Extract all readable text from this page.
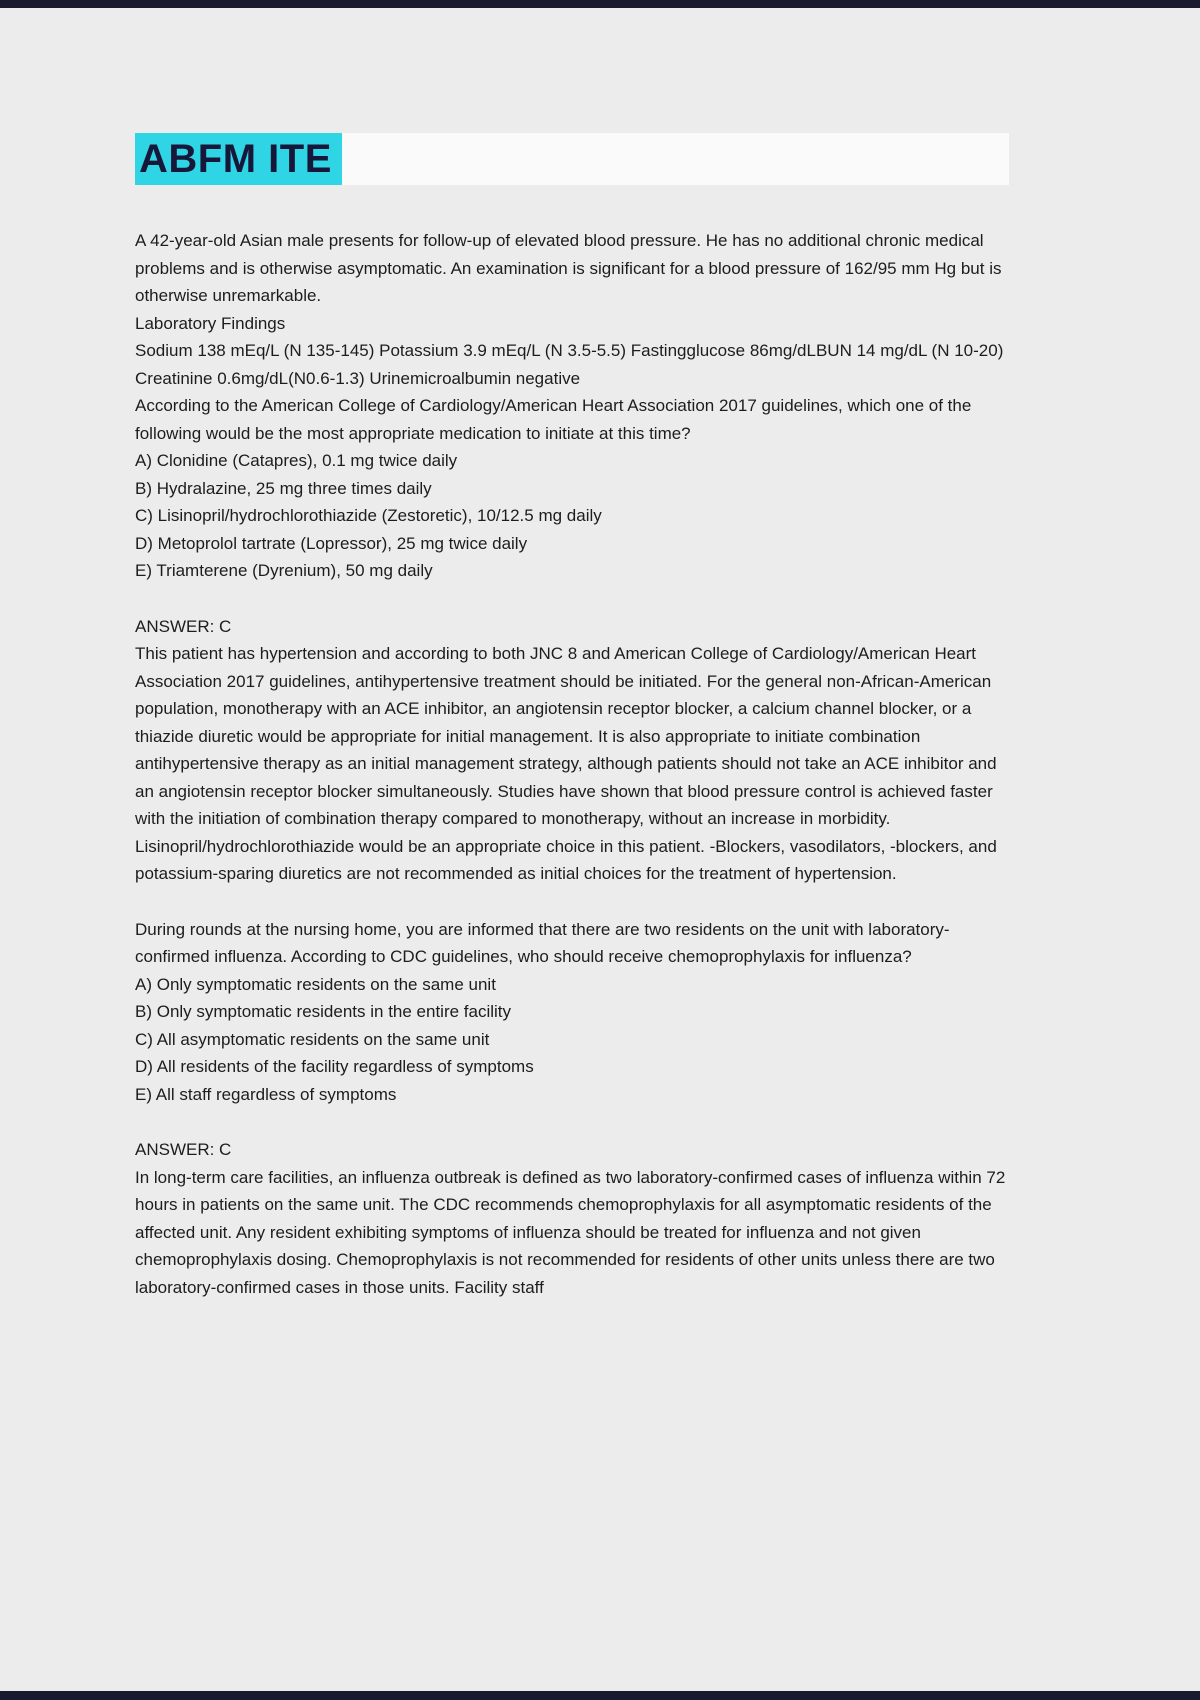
ABFM ITE

A 42-year-old Asian male presents for follow-up of elevated blood pressure. He has no additional chronic medical problems and is otherwise asymptomatic. An examination is significant for a blood pressure of 162/95 mm Hg but is otherwise unremarkable.

Laboratory Findings

Sodium 138 mEq/L (N 135-145) Potassium 3.9 mEq/L (N 3.5-5.5) Fastingglucose 86mg/dLBUN 14 mg/dL (N 10-20) Creatinine 0.6mg/dL(N0.6-1.3) Urinemicroalbumin negative

According to the American College of Cardiology/American Heart Association 2017 guidelines, which one of the following would be the most appropriate medication to initiate at this time?

A) Clonidine (Catapres), 0.1 mg twice daily

B) Hydralazine, 25 mg three times daily

C) Lisinopril/hydrochlorothiazide (Zestoretic), 10/12.5 mg daily

D) Metoprolol tartrate (Lopressor), 25 mg twice daily

E) Triamterene (Dyrenium), 50 mg daily

ANSWER: C

This patient has hypertension and according to both JNC 8 and American College of Cardiology/American Heart Association 2017 guidelines, antihypertensive treatment should be initiated. For the general non-African-American population, monotherapy with an ACE inhibitor, an angiotensin receptor blocker, a calcium channel blocker, or a thiazide diuretic would be appropriate for initial management. It is also appropriate to initiate combination antihypertensive therapy as an initial management strategy, although patients should not take an ACE inhibitor and an angiotensin receptor blocker simultaneously. Studies have shown that blood pressure control is achieved faster with the initiation of combination therapy compared to monotherapy, without an increase in morbidity. Lisinopril/hydrochlorothiazide would be an appropriate choice in this patient. -Blockers, vasodilators, -blockers, and potassium-sparing diuretics are not recommended as initial choices for the treatment of hypertension.

During rounds at the nursing home, you are informed that there are two residents on the unit with laboratory-confirmed influenza. According to CDC guidelines, who should receive chemoprophylaxis for influenza?

A) Only symptomatic residents on the same unit

B) Only symptomatic residents in the entire facility

C) All asymptomatic residents on the same unit

D) All residents of the facility regardless of symptoms

E) All staff regardless of symptoms

ANSWER: C

In long-term care facilities, an influenza outbreak is defined as two laboratory-confirmed cases of influenza within 72 hours in patients on the same unit. The CDC recommends chemoprophylaxis for all asymptomatic residents of the affected unit. Any resident exhibiting symptoms of influenza should be treated for influenza and not given chemoprophylaxis dosing. Chemoprophylaxis is not recommended for residents of other units unless there are two laboratory-confirmed cases in those units. Facility staff
